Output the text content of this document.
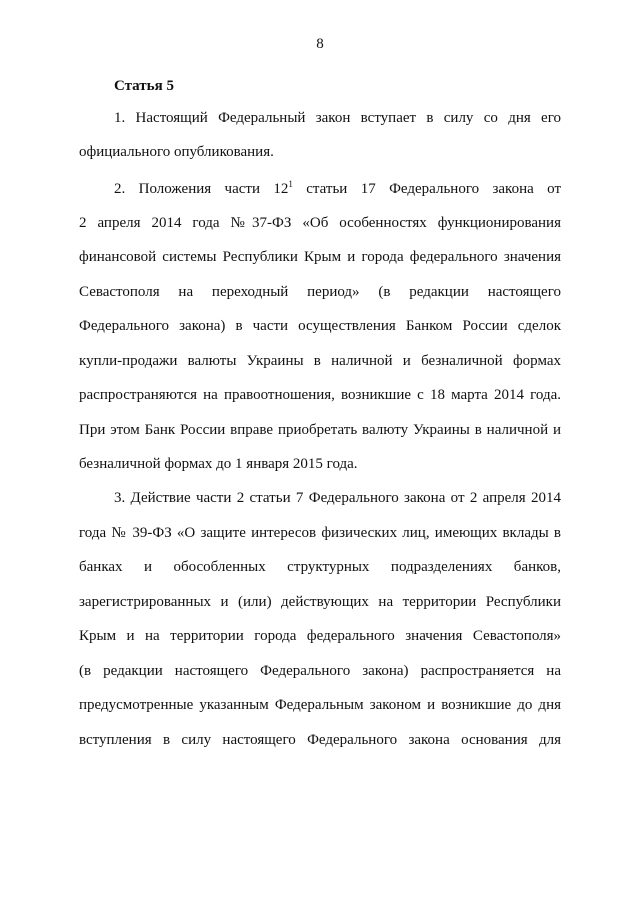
8
Статья 5
1. Настоящий Федеральный закон вступает в силу со дня его
официального опубликования.
2. Положения части $12^1$ статьи 17 Федерального закона от
2 апреля 2014 года №37-ФЗ «Об особенностях функционирования
финансовой системы Республики Крым и города федерального значения
Севастополя на переходный период» (в редакции настоящего
Федерального закона) в части осуществления Банком России сделок
купли-продажи валюты Украины в наличной и безналичной формах
распространяются на правоотношения, возникшие с 18 марта 2014 года.
При этом Банк России вправе приобретать валюту Украины в наличной и
безналичной формах до 1 января 2015 года.
3. Действие части 2 статьи 7 Федерального закона от 2 апреля 2014
года № 39-ФЗ «О защите интересов физических лиц, имеющих вклады в
банках и обособленных структурных подразделениях банков,
зарегистрированных и (или) действующих на территории Республики
Крым и на территории города федерального значения Севастополя»
(в редакции настоящего Федерального закона) распространяется на
предусмотренные указанным Федеральным законом и возникшие до дня
вступления в силу настоящего Федерального закона основания для
